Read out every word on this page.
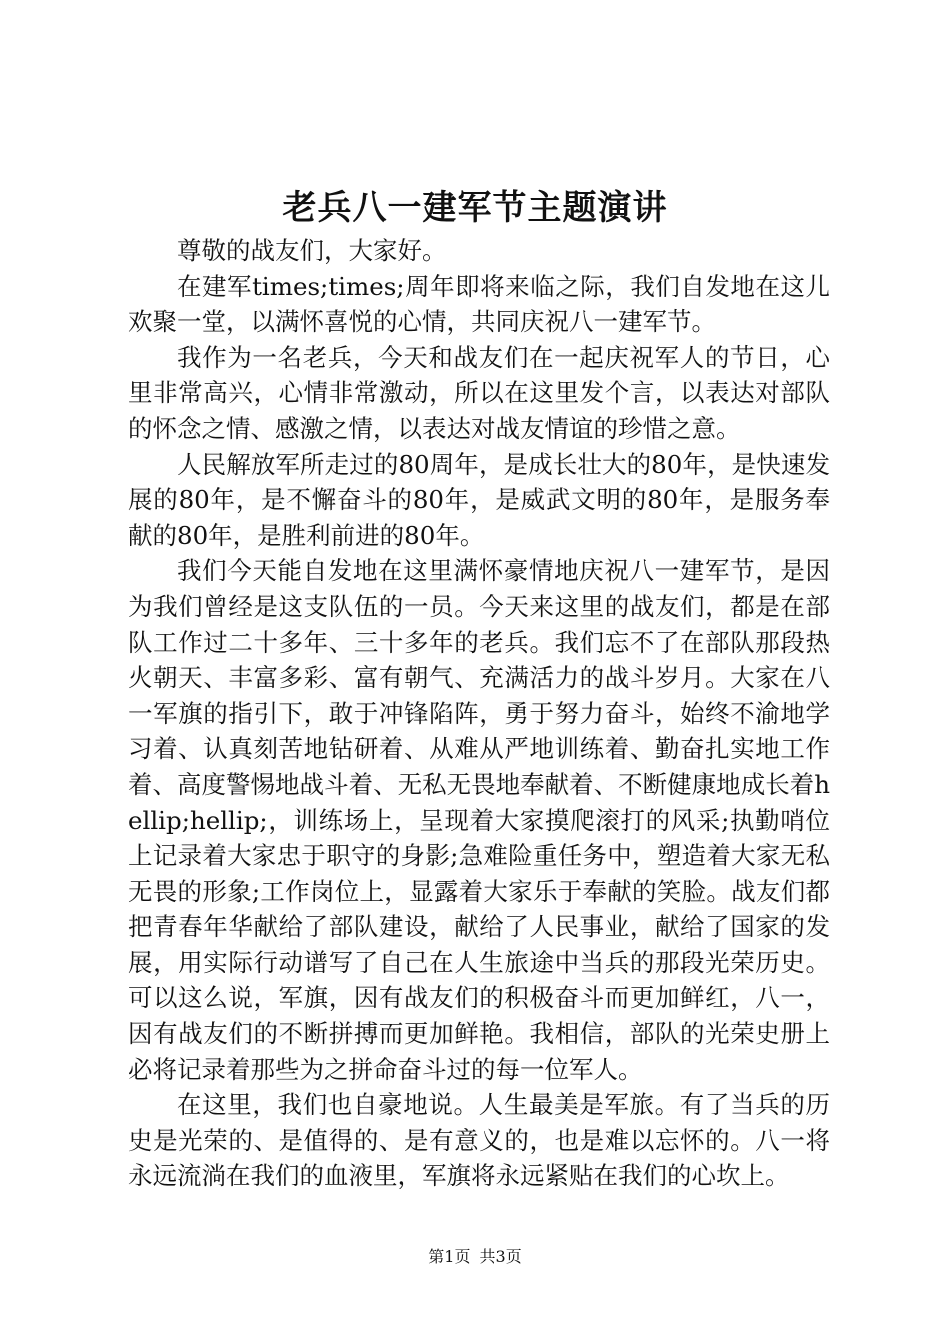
老兵八一建军节主题演讲

尊敬的战友们，大家好。

在建军times;times;周年即将来临之际，我们自发地在这儿欢聚一堂，以满怀喜悦的心情，共同庆祝八一建军节。

我作为一名老兵，今天和战友们在一起庆祝军人的节日，心里非常高兴，心情非常激动，所以在这里发个言，以表达对部队的怀念之情、感激之情，以表达对战友情谊的珍惜之意。

人民解放军所走过的80周年，是成长壮大的80年，是快速发展的80年，是不懈奋斗的80年，是威武文明的80年，是服务奉献的80年，是胜利前进的80年。

我们今天能自发地在这里满怀豪情地庆祝八一建军节，是因为我们曾经是这支队伍的一员。今天来这里的战友们，都是在部队工作过二十多年、三十多年的老兵。我们忘不了在部队那段热火朝天、丰富多彩、富有朝气、充满活力的战斗岁月。大家在八一军旗的指引下，敢于冲锋陷阵，勇于努力奋斗，始终不渝地学习着、认真刻苦地钻研着、从难从严地训练着、勤奋扎实地工作着、高度警惕地战斗着、无私无畏地奉献着、不断健康地成长着hellip;hellip;，训练场上，呈现着大家摸爬滚打的风采;执勤哨位上记录着大家忠于职守的身影;急难险重任务中，塑造着大家无私无畏的形象;工作岗位上，显露着大家乐于奉献的笑脸。战友们都把青春年华献给了部队建设，献给了人民事业，献给了国家的发展，用实际行动谱写了自己在人生旅途中当兵的那段光荣历史。可以这么说，军旗，因有战友们的积极奋斗而更加鲜红，八一，因有战友们的不断拼搏而更加鲜艳。我相信，部队的光荣史册上必将记录着那些为之拼命奋斗过的每一位军人。

在这里，我们也自豪地说。人生最美是军旅。有了当兵的历史是光荣的、是值得的、是有意义的，也是难以忘怀的。八一将永远流淌在我们的血液里，军旗将永远紧贴在我们的心坎上。

第1页 共3页
